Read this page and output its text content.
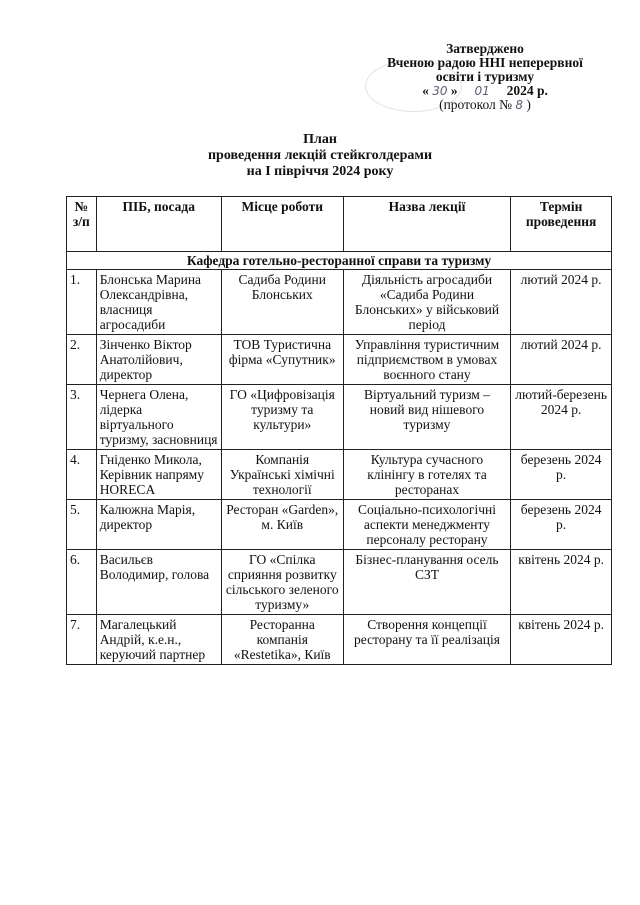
Затверджено
Вченою радою ННІ неперервної
освіти і туризму
« 30 » 01 2024 р.
(протокол № 8 )
План
проведення лекцій стейкголдерами
на І півріччя 2024 року
№ з/п	ПІБ, посада	Місце роботи	Назва лекції	Термін проведення
Кафедра готельно-ресторанної справи та туризму				
1.	Блонська Марина Олександрівна, власниця агросадиби	Садиба Родини Блонських	Діяльність агросадиби «Садиба Родини Блонських» у військовий період	лютий 2024 р.
2.	Зінченко Віктор Анатолійович, директор	ТОВ Туристична фірма «Супутник»	Управління туристичним підприємством в умовах воєнного стану	лютий 2024 р.
3.	Чернега Олена, лідерка віртуального туризму, засновниця	ГО «Цифровізація туризму та культури»	Віртуальний туризм – новий вид нішевого туризму	лютий-березень 2024 р.
4.	Гніденко Микола, Керівник напряму HORECA	Компанія Українські хімічні технології	Культура сучасного клінінгу в готелях та ресторанах	березень 2024 р.
5.	Калюжна Марія, директор	Ресторан «Garden», м. Київ	Соціально-психологічні аспекти менеджменту персоналу ресторану	березень 2024 р.
6.	Васильєв Володимир, голова	ГО «Спілка сприяння розвитку сільського зеленого туризму»	Бізнес-планування осель СЗТ	квітень 2024 р.
7.	Магалецький Андрій, к.е.н., керуючий партнер	Ресторанна компанія «Restetika», Київ	Створення концепції ресторану та її реалізація	квітень 2024 р.
